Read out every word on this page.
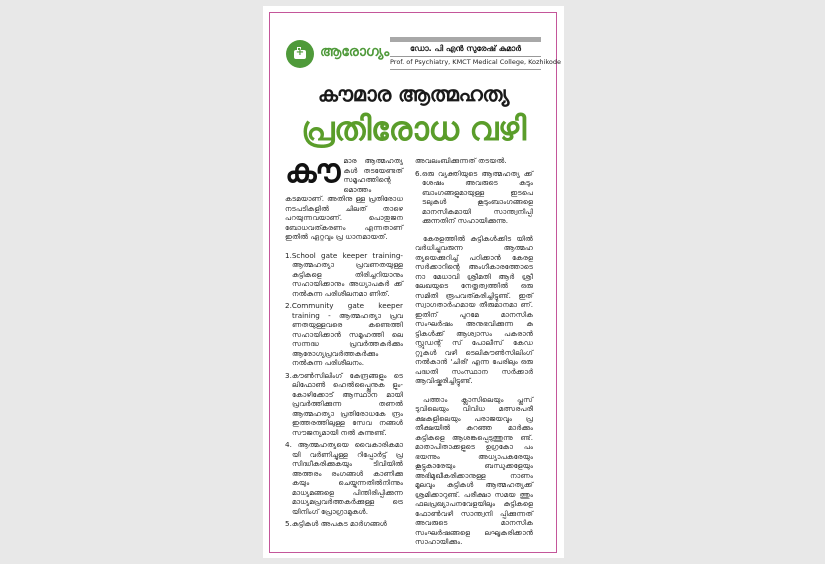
+
ആരോഗ്യം	ഡോ. പി എൻ സുരേഷ് കുമാർ
Prof. of Psychiatry, KMCT Medical College, Kozhikode
കൗമാര ആത്മഹത്യ
പ്രതിരോധ വഴി

കൗമാര ആത്മഹത്യ കൾ തടയേണ്ടത് സമൂഹത്തിന്റെ മൊത്തം കടമയാണ്. അതിനു ള്ള പ്രതിരോധ നടപടികളിൽ ചിലത് താഴെ പറയുന്നവയാണ്. പൊതുജന ബോധവത്കരണം എന്നതാണ് ഇതിൽ ഏറ്റവും പ്ര ധാനമായത്.

1.School gate keeper training- ആത്മഹത്യാ പ്രവണതയുള്ള കുട്ടികളെ തിരിച്ചറിയാനും സഹായിക്കാനും അധ്യാപകർ ക്ക് നൽകുന്ന പരിശീലനമാ ണിത്.
2.Community gate keeper training - ആത്മഹത്യാ പ്രവ ണതയുള്ളവരെ കണ്ടെത്തി സഹായിക്കാൻ സമൂഹത്തി ലെ സന്നദ്ധ പ്രവർത്തകർക്കും ആരോഗ്യപ്രവർത്തകർക്കും നൽകുന്ന പരിശീലനം.
3.കൗൺസിലിംഗ് കേന്ദ്രങ്ങളും ടെ ലിഫോൺ ഹെൽപ്പ്ലൈനുക ളും- കോഴിക്കോട് ആസ്ഥാന മായി പ്രവർത്തിക്കുന്ന തണൽ ആത്മഹത്യാ പ്രതിരോധകേ ന്ദ്രം ഇത്തരത്തിലുള്ള സേവ നങ്ങൾ സൗജന്യമായി നൽ കുന്നുണ്ട്.
4. ആത്മഹത്യയെ വൈകാരികമാ യി വർണിച്ചുള്ള റിപ്പോർട്ട് പ്ര സിദ്ധീകരിക്കുകയും ടിവിയിൽ അത്തരം രംഗങ്ങൾ കാണിക്കു കയും ചെയ്യുന്നതിൽനിന്നും മാധ്യമങ്ങളെ പിന്തിരിപ്പിക്കുന്ന മാധ്യമപ്രവർത്തകർക്കുള്ള ട്രെ യിനിംഗ് പ്രോഗ്രാമുകൾ.
5.കുട്ടികൾ അപകട മാർഗങ്ങൾ
അവലംബിക്കുന്നത് തടയൽ.
6.ഒരു വ്യക്തിയുടെ ആത്മഹത്യ ക്ക് ശേഷം അവരുടെ കുടും ബാംഗങ്ങളുമായുള്ള ഇടപെ ടലുകൾ കൂടുംബാംഗങ്ങളെ മാനസികമായി സാന്ത്വനിപ്പി ക്കുന്നതിന് സഹായിക്കുന്നു.

കേരളത്തിൽ കുട്ടികൾക്കിട യിൽ വർധിച്ചുവരുന്ന ആത്മഹ ത്യയെക്കുറിച്ച് പഠിക്കാൻ കേരള സർക്കാറിന്റെ അംഗീകാരത്തോടെ നാ മേധാവി ശ്രീമതി ആർ ശ്രീ ലേഖയുടെ നേതൃത്വത്തിൽ ഒരു സമിതി രൂപവത്കരിച്ചിട്ടുണ്ട്. ഇത് സ്വാഗതാർഹമായ തീരുമാനമാ ണ്. ഇതിന് പുറമേ മാനസിക സംഘർഷം അനുഭവിക്കുന്ന കു ട്ടികൾക്ക് ആശ്വാസം പകരാൻ സ്റ്റുഡന്റ് സ് പോലീസ് കേഡ റ്റുകൾ വഴി ടെലികൗൺസിലിംഗ് നൽകാൻ 'ചിരി' എന്ന പേരിലും ഒരു പദ്ധതി സംസ്ഥാന സർക്കാർ ആവിഷ്കരിച്ചിട്ടുണ്ട്.

പത്താം ക്ലാസിലെയും പ്ലസ് ടുവിലെയും വിവിധ മത്സരപരീ ക്ഷകളിലെയും പരാജയവും പ്ര തീക്ഷയിൽ കുറഞ്ഞ മാർക്കും കുട്ടികളെ ആശങ്കപ്പെടുത്തുന്നു ണ്ട്. മാതാപിതാക്കളുടെ ഉഗ്രകോ പം ഭയന്നും അധ്യാപകരേയും കൂട്ടുകാരേയും ബന്ധുക്കളേയും അഭിമുഖീകരിക്കാനുള്ള നാണം മൂലവും കുട്ടികൾ ആത്മഹത്യക്ക് ശ്രമിക്കാറുണ്ട്. പരീക്ഷാ സമയ ത്തും ഫലപ്രഖ്യാപനവേളയിലും കുട്ടികളെ ഫോൺവഴി സാന്ത്വനി പ്പിക്കുന്നത് അവരുടെ മാനസിക സംഘർഷങ്ങളെ ലഘൂകരിക്കാൻ സാഹായിക്കും.
